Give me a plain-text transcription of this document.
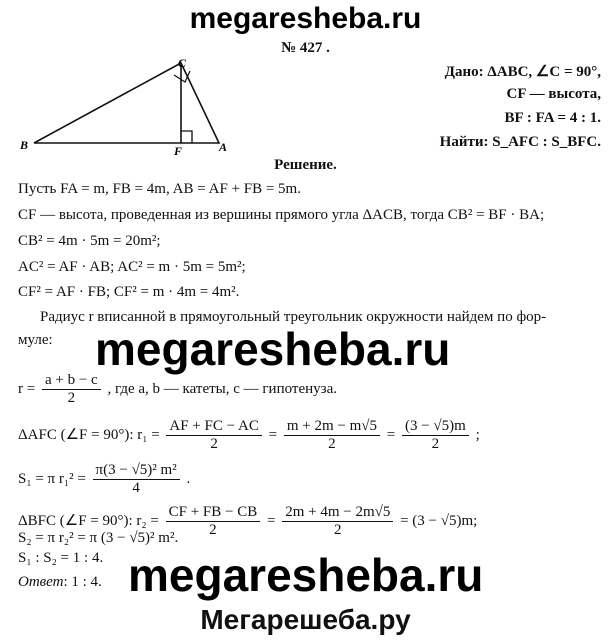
megaresheba.ru
№ 427 .
C
B	F	A
Дано: ΔABC, ∠C = 90°,
CF — высота,
BF : FA = 4 : 1.
Найти: S_AFC : S_BFC.
Решение.
Пусть FA = m, FB = 4m, AB = AF + FB = 5m.
CF — высота, проведенная из вершины прямого угла ΔACB, тогда CB² = BF · BA;
CB² = 4m · 5m = 20m²;
AC² = AF · AB; AC² = m · 5m = 5m²;
CF² = AF · FB; CF² = m · 4m = 4m².
Радиус r вписанной в прямоугольный треугольник окружности найдем по фор-
муле: megaresheba.ru
$r = \frac{a + b - c}{2}$ , где a, b — катеты, c — гипотенуза.
ΔAFC (∠F = 90°): $r_1 = \frac{AF + FC - AC}{2} = \frac{m + 2m - m√5}{2} = \frac{(3 - √5)m}{2}$ ;
S₁ = π $r_1^2 = \frac{\text{π(3 − √5)² m²}}{4}$ .
ΔBFC (∠F = 90°): $r_2 = \frac{CF + FB - CB}{2} = \frac{2m + 4m - 2m√5}{2} = (3 - √5)m$;
S₂ = π r₂² = π (3 − √5)² m².
S₁ : S₂ = 1 : 4.
Ответ: 1 : 4. megaresheba.ru
Мегарешеба.ру
